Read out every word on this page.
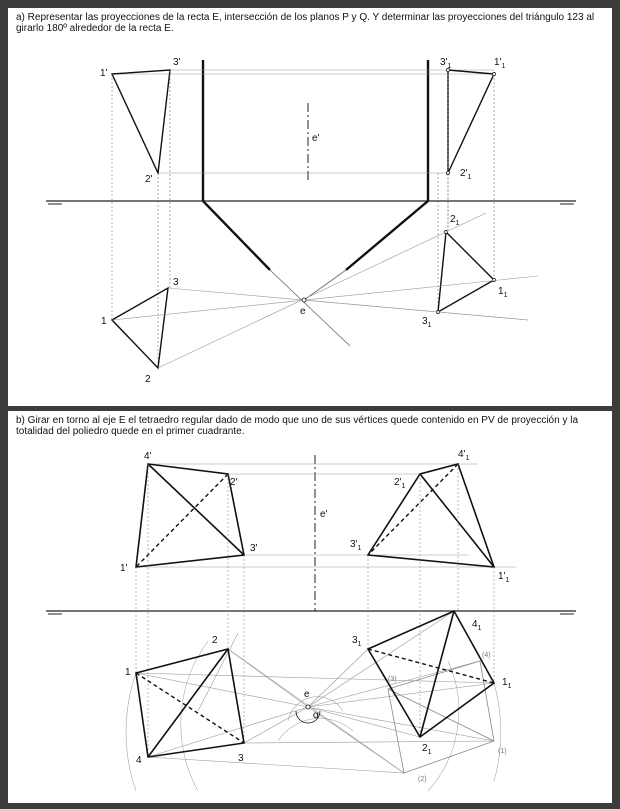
a) Representar las proyecciones de la recta E, intersección de los planos P y Q. Y determinar las proyecciones del triángulo 123 al girarlo 180º alrededor de la recta E.
1'
3'
2'
$3'_1$	$1'_1$
$2'_1$
e'
e
1
3
2
$2_1$
$1_1$
$3_1$
b) Girar en torno al eje E el tetraedro regular dado de modo que uno de sus vértices quede contenido en PV de proyección y la totalidad del poliedro quede en el primer cuadrante.
4'
2'
3'
1'
$4'_1$
$2'_1$
$3'_1$
$1'_1$
e'
e
α
1
2
3
4
$3_1$
$4_1$
$1_1$
$2_1$
(4)
(3)
(1)
(2)
